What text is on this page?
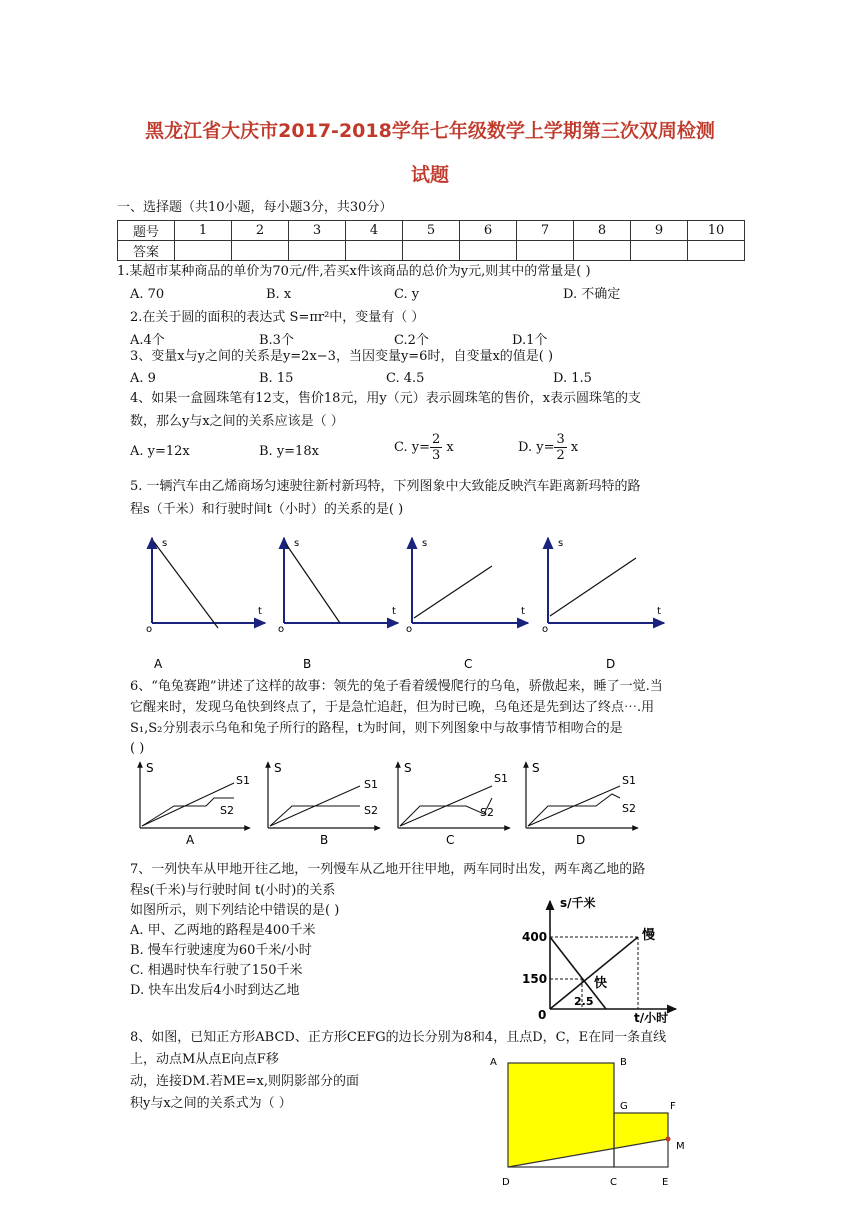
黑龙江省大庆市2017-2018学年七年级数学上学期第三次双周检测
试题
一、选择题（共10小题，每小题3分，共30分）
题号	1	2	3	4	5	6	7	8	9	10
答案										
1.某超市某种商品的单价为70元/件,若买x件该商品的总价为y元,则其中的常量是( )
A. 70	B. x	C. y	D. 不确定
2.在关于圆的面积的表达式 S=πr²中，变量有（ ）
A.4个	B.3个	C.2个	D.1个
3、变量x与y之间的关系是y=2x−3，当因变量y=6时，自变量x的值是( )
A. 9	B. 15	C. 4.5	D. 1.5
4、如果一盒圆珠笔有12支，售价18元，用y（元）表示圆珠笔的售价，x表示圆珠笔的支
数，那么y与x之间的关系应该是（ ）
A. y=12x	B. y=18x	C. $y= \frac{2}{3}$ x	D. $y= \frac{3}{2}$ x
5. 一辆汽车由乙烯商场匀速驶往新村新玛特，下列图象中大致能反映汽车距离新玛特的路
程s（千米）和行驶时间t（小时）的关系的是( )
s
t
o
A
s
t
o
B
s
t
o
C
s
t
o
D
6、“龟兔赛跑”讲述了这样的故事：领先的兔子看着缓慢爬行的乌龟，骄傲起来，睡了一觉.当
它醒来时，发现乌龟快到终点了，于是急忙追赶，但为时已晚，乌龟还是先到达了终点⋯.用
S₁,S₂分别表示乌龟和兔子所行的路程，t为时间，则下列图象中与故事情节相吻合的是
( )
S
S1
S2
A
S
S1
S2
B
S
S1
S2
C
S
S1
S2
D
7、一列快车从甲地开往乙地，一列慢车从乙地开往甲地，两车同时出发，两车离乙地的路
程s(千米)与行驶时间 t(小时)的关系
如图所示，则下列结论中错误的是( )
A. 甲、乙两地的路程是400千米
B. 慢车行驶速度为60千米/小时
C. 相遇时快车行驶了150千米
D. 快车出发后4小时到达乙地
s/千米
400
150
2.5
0	t/小时
慢
快
8、如图，已知正方形ABCD、正方形CEFG的边长分别为8和4，且点D，C，E在同一条直线
上，动点M从点E向点F移
动，连接DM.若ME=x,则阴影部分的面
积y与x之间的关系式为（ ）
A	B
C
D	E
F
G
M
